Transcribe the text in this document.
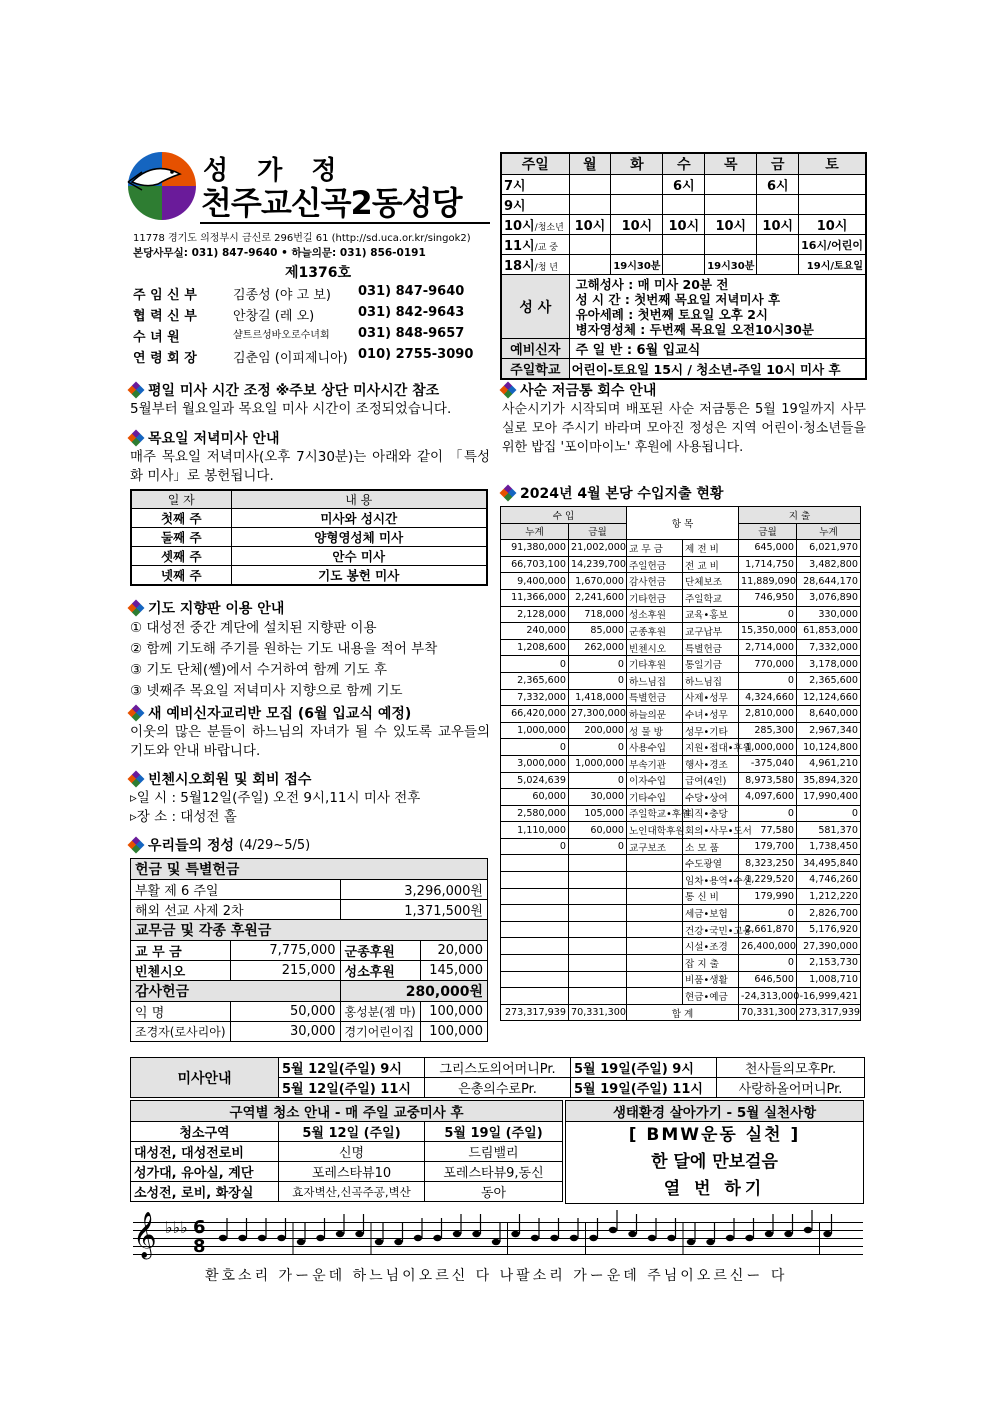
성 가 정
천주교신곡2동성당
11778 경기도 의정부시 금신로 296번길 61 (http://sd.uca.or.kr/singok2)
본당사무실: 031) 847-9640 • 하늘의문: 031) 856-0191
제1376호
주 임 신 부	김종성 (야 고 보)	031) 847-9640
협 력 신 부	안창길 (레 오)	031) 842-9643
수 녀 원	샬트르성바오로수녀회	031) 848-9657
연 령 회 장	김춘임 (이피제니아) 010) 2755-3090
주일	월	화	수	목	금	토
7시			6시		6시	
9시						
10시/청소년	10시	10시	10시	10시	10시	10시
11시/교 중						16시/어린이
18시/청 년		19시30분		19시30분		19시/토요일
성 사	고해성사 : 매 미사 20분 전
성 시 간 : 첫번째 목요일 저녁미사 후
유아세례 : 첫번째 토요일 오후 2시
병자영성체 : 두번째 목요일 오전10시30분					

예비신자	주 일 반 : 6월 입교식					
주일학교	어린이-토요일 15시 / 청소년-주일 10시 미사 후					
평일 미사 시간 조정 ※주보 상단 미사시간 참조
5월부터 월요일과 목요일 미사 시간이 조정되었습니다.
목요일 저녁미사 안내
매주 목요일 저녁미사(오후 7시30분)는 아래와 같이 「특성화 미사」로 봉헌됩니다.
일 자	내 용
첫째 주	미사와 성시간
둘째 주	양형영성체 미사
셋째 주	안수 미사
넷째 주	기도 봉헌 미사
기도 지향판 이용 안내
① 대성전 중간 계단에 설치된 지향판 이용
② 함께 기도해 주기를 원하는 기도 내용을 적어 부착
③ 기도 단체(쎌)에서 수거하여 함께 기도 후
③ 넷째주 목요일 저녁미사 지향으로 함께 기도
새 예비신자교리반 모집 (6월 입교식 예정)
이웃의 많은 분들이 하느님의 자녀가 될 수 있도록 교우들의 기도와 안내 바랍니다.
빈첸시오회원 및 회비 접수
▹일 시 : 5월12일(주일) 오전 9시,11시 미사 전후
▹장 소 : 대성전 홀
우리들의 정성 (4/29~5/5)
헌금 및 특별헌금			
부활 제 6 주일		3,296,000원	
해외 선교 사제 2차		1,371,500원	
교무금 및 각종 후원금			
교 무 금	7,775,000	군종후원	20,000
빈첸시오	215,000	성소후원	145,000
감사헌금		280,000원	
익 명	50,000	홍성분(젬 마)	100,000
조경자(로사리아)	30,000	경기어린이집	100,000
사순 저금통 회수 안내
사순시기가 시작되며 배포된 사순 저금통은 5월 19일까지 사무실로 모아 주시기 바라며 모아진 정성은 지역 어린이·청소년들을 위한 밥집 '포이마이노' 후원에 사용됩니다.
2024년 4월 본당 수입지출 현황
수 입		항 목		지 출	
누계	금월			금월	누계
91,380,000	21,002,000	교 무 금	제 전 비	645,000	6,021,970
66,703,100	14,239,700	주일헌금	전 교 비	1,714,750	3,482,800
9,400,000	1,670,000	감사헌금	단체보조	11,889,090	28,644,170
11,366,000	2,241,600	기타헌금	주일학교	746,950	3,076,890
2,128,000	718,000	성소후원	교육•홍보	0	330,000
240,000	85,000	군종후원	교구납부	15,350,000	61,853,000
1,208,600	262,000	빈첸시오	특별헌금	2,714,000	7,332,000
0	0	기타후원	통일기금	770,000	3,178,000
2,365,600	0	하느님집	하느님집	0	2,365,600
7,332,000	1,418,000	특별헌금	사제•성무	4,324,660	12,124,660
66,420,000	27,300,000	하늘의문	수녀•성무	2,810,000	8,640,000
1,000,000	200,000	성 물 방	성무•기타	285,300	2,967,340
0	0	사용수입	지원•접대•후원	1,000,000	10,124,800
3,000,000	1,000,000	부속기관	행사•경조	-375,040	4,961,210
5,024,639	0	이자수입	급여(4인)	8,973,580	35,894,320
60,000	30,000	기타수입	수당•상여	4,097,600	17,990,400
2,580,000	105,000	주일학교•후원	퇴직•충당	0	0
1,110,000	60,000	노인대학후원	회의•사무•도서	77,580	581,370
0	0	교구보조	소 모 품	179,700	1,738,450
			수도광열	8,323,250	34,495,840
			임차•용역•수선	1,229,520	4,746,260
			통 신 비	179,990	1,212,220
			세금•보험	0	2,826,700
			건강•국민•고용	2,661,870	5,176,920
			시설•조경	26,400,000	27,390,000
			잡 지 출	0	2,153,730
			비품•생활	646,500	1,008,710
			현금•예금	-24,313,000	-16,999,421
273,317,939	70,331,300	합 계		70,331,300	273,317,939
미사안내	5월 12일(주일) 9시	그리스도의어머니Pr.	5월 19일(주일) 9시	천사들의모후Pr.
	5월 12일(주일) 11시	은총의수로Pr.	5월 19일(주일) 11시	사랑하올어머니Pr.
구역별 청소 안내 - 매 주일 교중미사 후		
청소구역	5월 12일 (주일)	5월 19일 (주일)
대성전, 대성전로비	신명	드림밸리
성가대, 유아실, 계단	포레스타뷰10	포레스타뷰9,동신
소성전, 로비, 화장실	효자벽산,신곡주공,벽산	동아
생태환경 살아가기 - 5월 실천사항

[ BMW운동 실천 ]
한 달에 만보걸음
열 번 하기
𝄞 ♭♭♭ 6
8
환호소리 가ー운데 하느님이오르신 다 나팔소리 가ー운데 주님이오르신ー 다
